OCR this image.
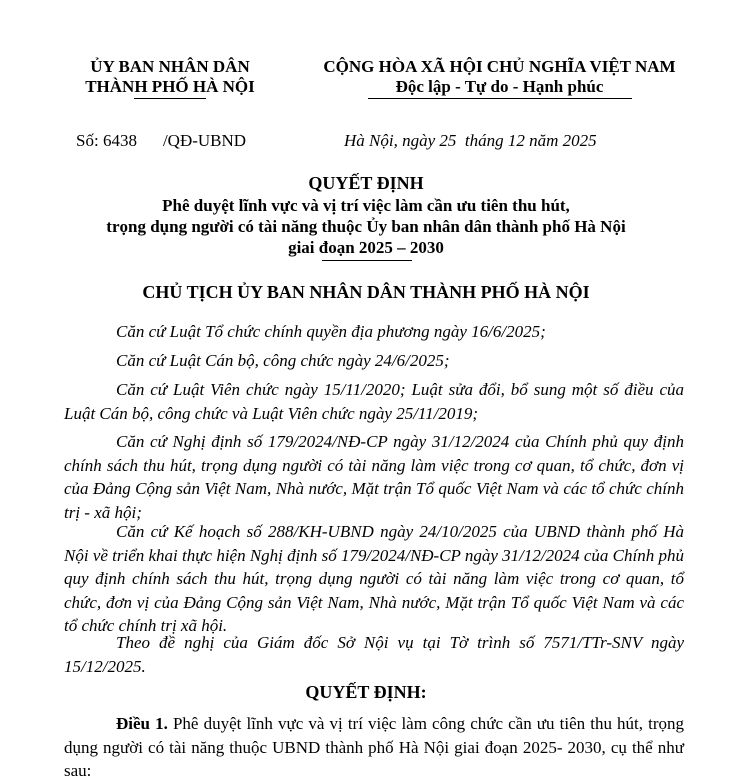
ỦY BAN NHÂN DÂN
THÀNH PHỐ HÀ NỘI
CỘNG HÒA XÃ HỘI CHỦ NGHĨA VIỆT NAM
Độc lập - Tự do - Hạnh phúc
Số: 6438 /QĐ-UBND	Hà Nội, ngày 25 tháng 12 năm 2025
QUYẾT ĐỊNH
Phê duyệt lĩnh vực và vị trí việc làm cần ưu tiên thu hút,
trọng dụng người có tài năng thuộc Ủy ban nhân dân thành phố Hà Nội
giai đoạn 2025 – 2030
CHỦ TỊCH ỦY BAN NHÂN DÂN THÀNH PHỐ HÀ NỘI
Căn cứ Luật Tổ chức chính quyền địa phương ngày 16/6/2025;
Căn cứ Luật Cán bộ, công chức ngày 24/6/2025;
Căn cứ Luật Viên chức ngày 15/11/2020; Luật sửa đổi, bổ sung một số điều của Luật Cán bộ, công chức và Luật Viên chức ngày 25/11/2019;
Căn cứ Nghị định số 179/2024/NĐ-CP ngày 31/12/2024 của Chính phủ quy định chính sách thu hút, trọng dụng người có tài năng làm việc trong cơ quan, tổ chức, đơn vị của Đảng Cộng sản Việt Nam, Nhà nước, Mặt trận Tổ quốc Việt Nam và các tổ chức chính trị - xã hội;
Căn cứ Kế hoạch số 288/KH-UBND ngày 24/10/2025 của UBND thành phố Hà Nội về triển khai thực hiện Nghị định số 179/2024/NĐ-CP ngày 31/12/2024 của Chính phủ quy định chính sách thu hút, trọng dụng người có tài năng làm việc trong cơ quan, tổ chức, đơn vị của Đảng Cộng sản Việt Nam, Nhà nước, Mặt trận Tổ quốc Việt Nam và các tổ chức chính trị xã hội.
Theo đề nghị của Giám đốc Sở Nội vụ tại Tờ trình số 7571/TTr-SNV ngày 15/12/2025.
QUYẾT ĐỊNH:
Điều 1. Phê duyệt lĩnh vực và vị trí việc làm công chức cần ưu tiên thu hút, trọng dụng người có tài năng thuộc UBND thành phố Hà Nội giai đoạn 2025- 2030, cụ thể như sau:
